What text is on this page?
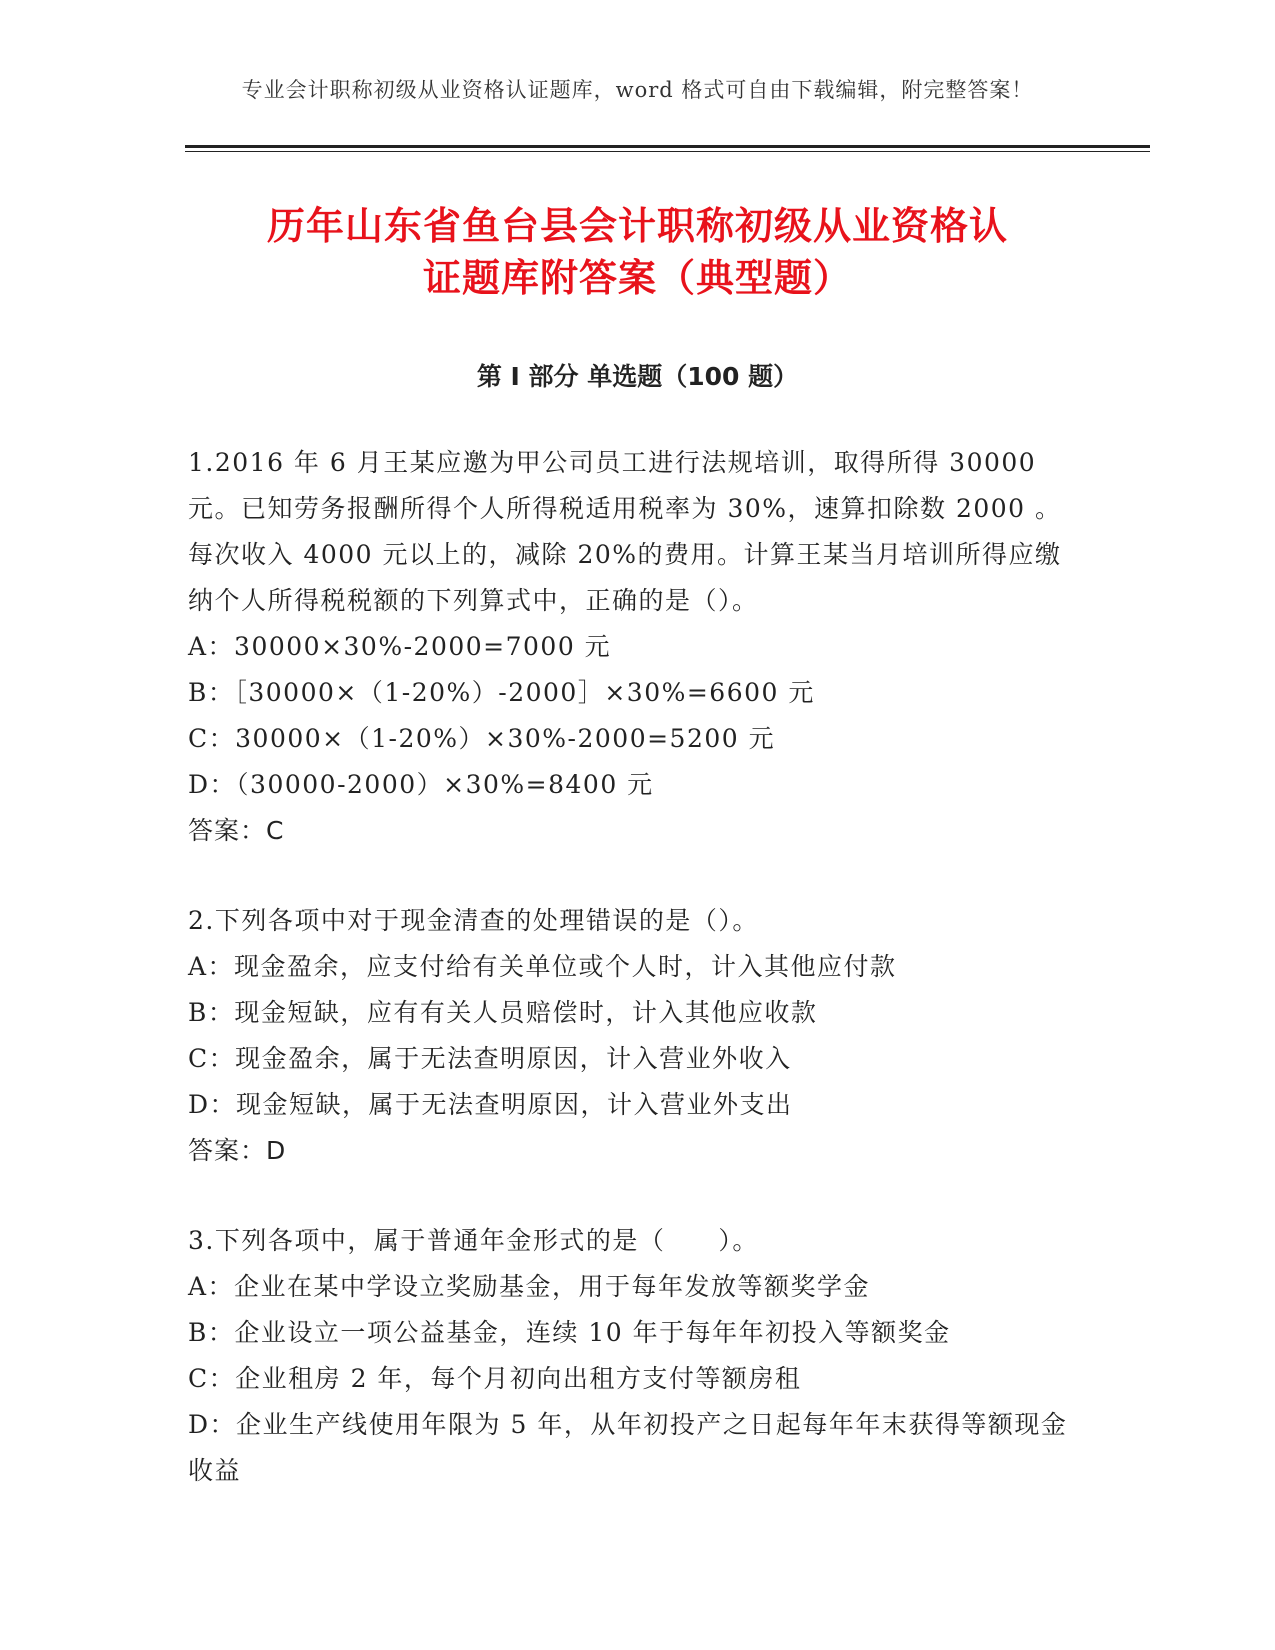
专业会计职称初级从业资格认证题库，word 格式可自由下载编辑，附完整答案！
历年山东省鱼台县会计职称初级从业资格认
证题库附答案（典型题）
第 I 部分 单选题（100 题）
1.2016 年 6 月王某应邀为甲公司员工进行法规培训，取得所得 30000 元。已知劳务报酬所得个人所得税适用税率为 30%，速算扣除数 2000 。每次收入 4000 元以上的，减除 20%的费用。计算王某当月培训所得应缴纳个人所得税税额的下列算式中，正确的是（）。
A：30000×30%-2000=7000 元
B：［30000×（1-20%）-2000］×30%=6600 元
C：30000×（1-20%）×30%-2000=5200 元
D：（30000-2000）×30%=8400 元
答案：C
2.下列各项中对于现金清查的处理错误的是（）。
A：现金盈余，应支付给有关单位或个人时，计入其他应付款
B：现金短缺，应有有关人员赔偿时，计入其他应收款
C：现金盈余，属于无法查明原因，计入营业外收入
D：现金短缺，属于无法查明原因，计入营业外支出
答案：D
3.下列各项中，属于普通年金形式的是（　　）。
A：企业在某中学设立奖励基金，用于每年发放等额奖学金
B：企业设立一项公益基金，连续 10 年于每年年初投入等额奖金
C：企业租房 2 年，每个月初向出租方支付等额房租
D：企业生产线使用年限为 5 年，从年初投产之日起每年年末获得等额现金收益
